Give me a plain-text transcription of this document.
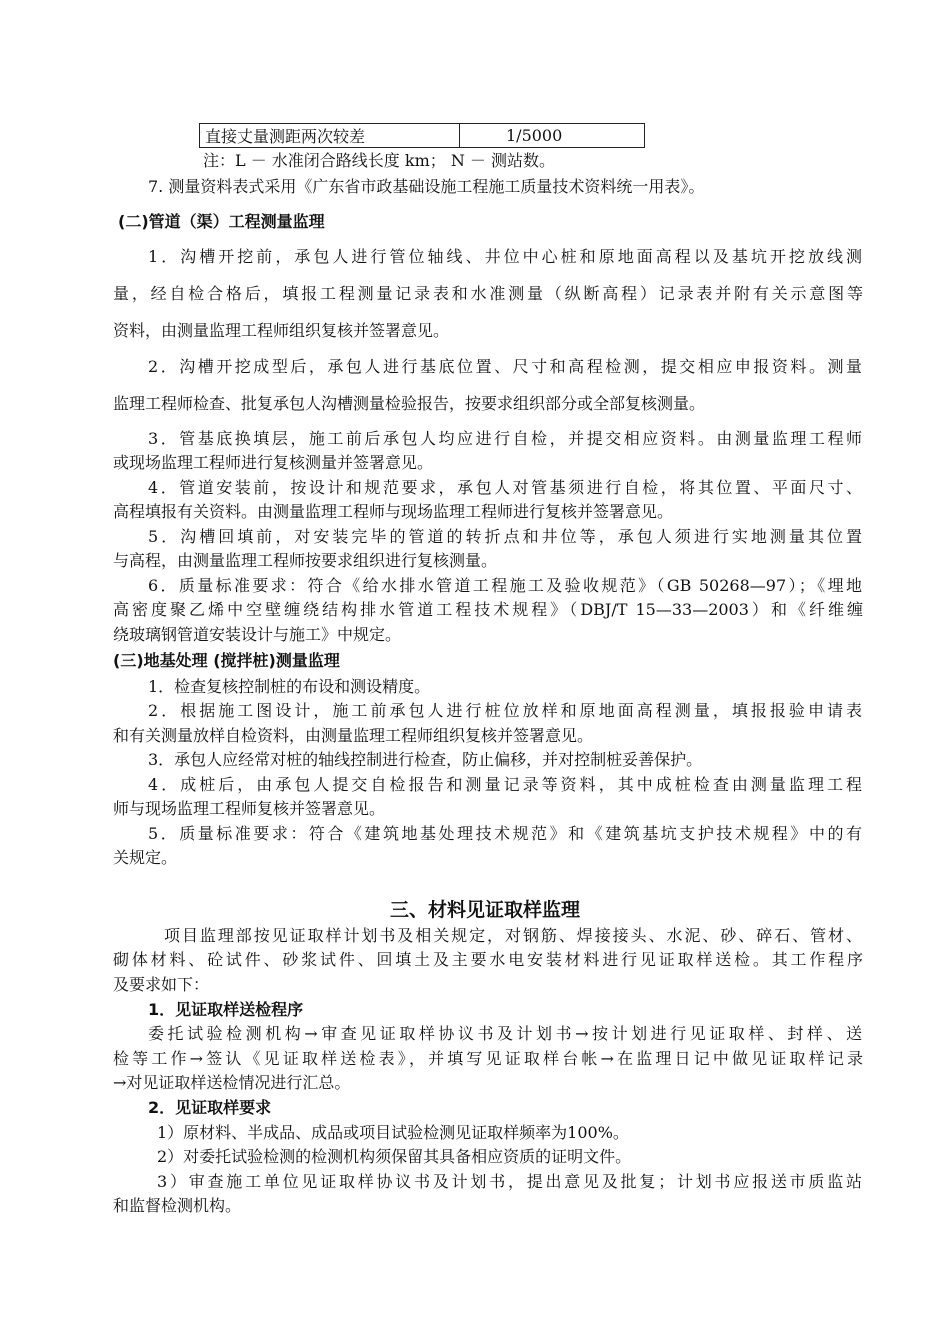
直接丈量测距两次较差	1/5000
注：L － 水准闭合路线长度 km； N － 测站数。
7. 测量资料表式采用《广东省市政基础设施工程施工质量技术资料统一用表》。
(二)管道（渠）工程测量监理
1．沟槽开挖前，承包人进行管位轴线、井位中心桩和原地面高程以及基坑开挖放线测
量，经自检合格后，填报工程测量记录表和水准测量（纵断高程）记录表并附有关示意图等
资料，由测量监理工程师组织复核并签署意见。
2．沟槽开挖成型后，承包人进行基底位置、尺寸和高程检测，提交相应申报资料。测量
监理工程师检查、批复承包人沟槽测量检验报告，按要求组织部分或全部复核测量。
3．管基底换填层，施工前后承包人均应进行自检，并提交相应资料。由测量监理工程师
或现场监理工程师进行复核测量并签署意见。
4．管道安装前，按设计和规范要求，承包人对管基须进行自检，将其位置、平面尺寸、
高程填报有关资料。由测量监理工程师与现场监理工程师进行复核并签署意见。
5．沟槽回填前，对安装完毕的管道的转折点和井位等，承包人须进行实地测量其位置
与高程，由测量监理工程师按要求组织进行复核测量。
6．质量标准要求：符合《给水排水管道工程施工及验收规范》（GB 50268—97）；《埋地
高密度聚乙烯中空壁缠绕结构排水管道工程技术规程》（DBJ/T 15—33—2003）和《纤维缠
绕玻璃钢管道安装设计与施工》中规定。
(三)地基处理 (搅拌桩)测量监理
1．检查复核控制桩的布设和测设精度。
2．根据施工图设计，施工前承包人进行桩位放样和原地面高程测量，填报报验申请表
和有关测量放样自检资料，由测量监理工程师组织复核并签署意见。
3．承包人应经常对桩的轴线控制进行检查，防止偏移，并对控制桩妥善保护。
4．成桩后，由承包人提交自检报告和测量记录等资料，其中成桩检查由测量监理工程
师与现场监理工程师复核并签署意见。
5．质量标准要求：符合《建筑地基处理技术规范》和《建筑基坑支护技术规程》中的有
关规定。
三、材料见证取样监理
项目监理部按见证取样计划书及相关规定，对钢筋、焊接接头、水泥、砂、碎石、管材、
砌体材料、砼试件、砂浆试件、回填土及主要水电安装材料进行见证取样送检。其工作程序
及要求如下：
1．见证取样送检程序
委托试验检测机构→审查见证取样协议书及计划书→按计划进行见证取样、封样、送
检等工作→签认《见证取样送检表》，并填写见证取样台帐→在监理日记中做见证取样记录
→对见证取样送检情况进行汇总。
2．见证取样要求
1）原材料、半成品、成品或项目试验检测见证取样频率为100%。
2）对委托试验检测的检测机构须保留其具备相应资质的证明文件。
3）审查施工单位见证取样协议书及计划书，提出意见及批复；计划书应报送市质监站
和监督检测机构。
